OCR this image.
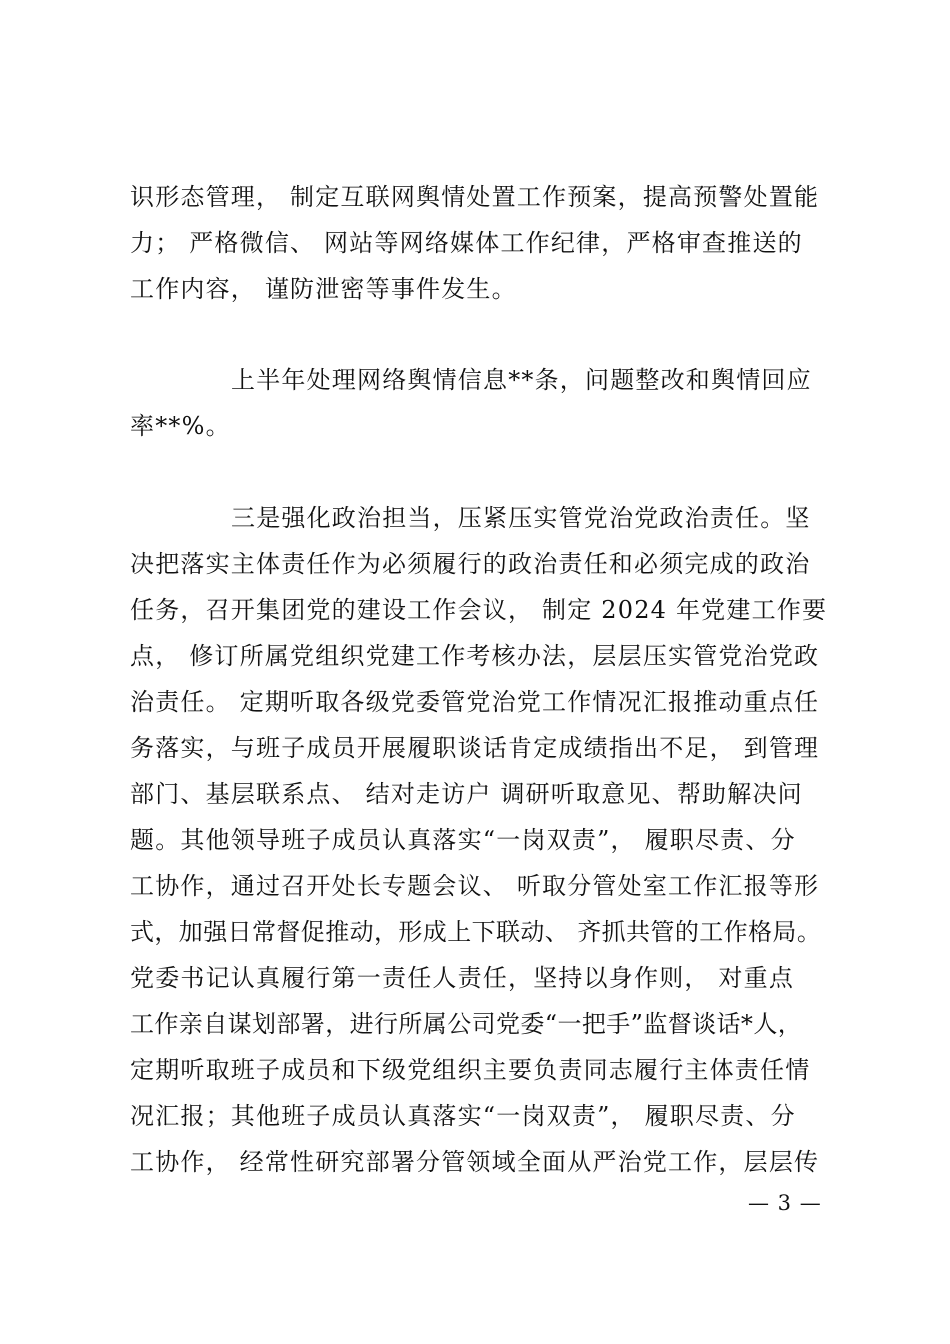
识形态管理， 制定互联网舆情处置工作预案，提高预警处置能
力； 严格微信、 网站等网络媒体工作纪律，严格审查推送的
工作内容， 谨防泄密等事件发生。
上半年处理网络舆情信息**条，问题整改和舆情回应
率**%。
三是强化政治担当，压紧压实管党治党政治责任。坚
决把落实主体责任作为必须履行的政治责任和必须完成的政治
任务，召开集团党的建设工作会议， 制定 2024 年党建工作要
点， 修订所属党组织党建工作考核办法，层层压实管党治党政
治责任。 定期听取各级党委管党治党工作情况汇报推动重点任
务落实，与班子成员开展履职谈话肯定成绩指出不足， 到管理
部门、基层联系点、 结对走访户 调研听取意见、帮助解决问
题。其他领导班子成员认真落实“一岗双责”， 履职尽责、分
工协作，通过召开处长专题会议、 听取分管处室工作汇报等形
式，加强日常督促推动，形成上下联动、 齐抓共管的工作格局。
党委书记认真履行第一责任人责任，坚持以身作则， 对重点
工作亲自谋划部署，进行所属公司党委“一把手”监督谈话*人，
定期听取班子成员和下级党组织主要负责同志履行主体责任情
况汇报；其他班子成员认真落实“一岗双责”， 履职尽责、分
工协作， 经常性研究部署分管领域全面从严治党工作，层层传
— 3 —
